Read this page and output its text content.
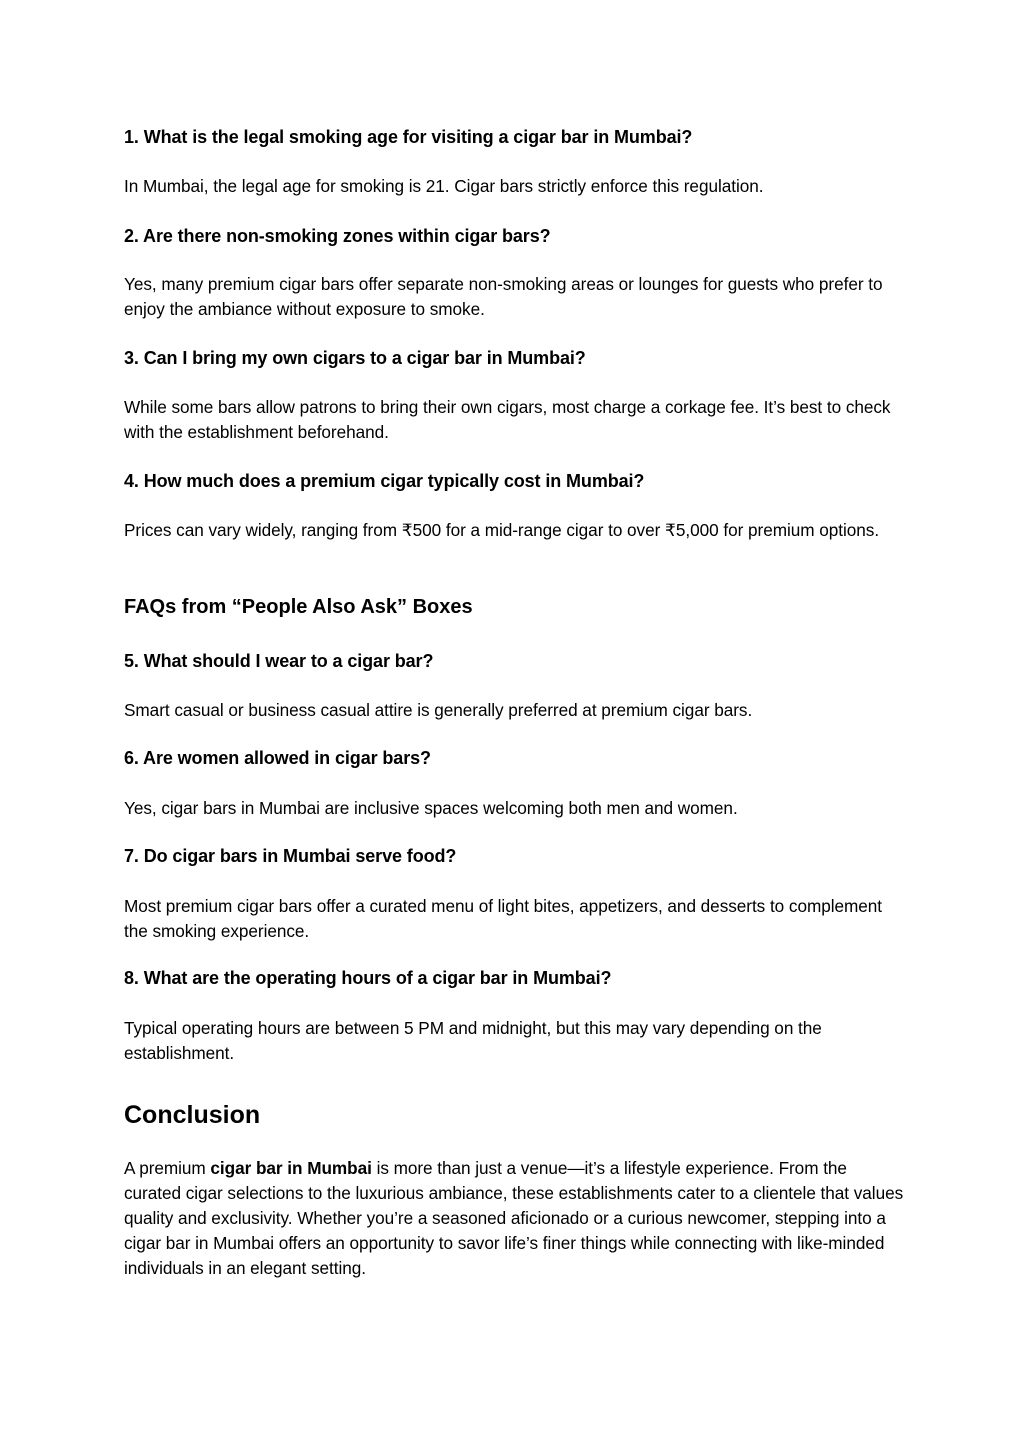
1. What is the legal smoking age for visiting a cigar bar in Mumbai?

In Mumbai, the legal age for smoking is 21. Cigar bars strictly enforce this regulation.

2. Are there non-smoking zones within cigar bars?

Yes, many premium cigar bars offer separate non-smoking areas or lounges for guests who prefer to enjoy the ambiance without exposure to smoke.

3. Can I bring my own cigars to a cigar bar in Mumbai?

While some bars allow patrons to bring their own cigars, most charge a corkage fee. It’s best to check with the establishment beforehand.

4. How much does a premium cigar typically cost in Mumbai?

Prices can vary widely, ranging from ₹500 for a mid-range cigar to over ₹5,000 for premium options.

FAQs from “People Also Ask” Boxes
5. What should I wear to a cigar bar?

Smart casual or business casual attire is generally preferred at premium cigar bars.

6. Are women allowed in cigar bars?

Yes, cigar bars in Mumbai are inclusive spaces welcoming both men and women.

7. Do cigar bars in Mumbai serve food?

Most premium cigar bars offer a curated menu of light bites, appetizers, and desserts to complement the smoking experience.

8. What are the operating hours of a cigar bar in Mumbai?

Typical operating hours are between 5 PM and midnight, but this may vary depending on the establishment.

Conclusion

A premium cigar bar in Mumbai is more than just a venue—it’s a lifestyle experience. From the curated cigar selections to the luxurious ambiance, these establishments cater to a clientele that values quality and exclusivity. Whether you’re a seasoned aficionado or a curious newcomer, stepping into a cigar bar in Mumbai offers an opportunity to savor life’s finer things while connecting with like-minded individuals in an elegant setting.
